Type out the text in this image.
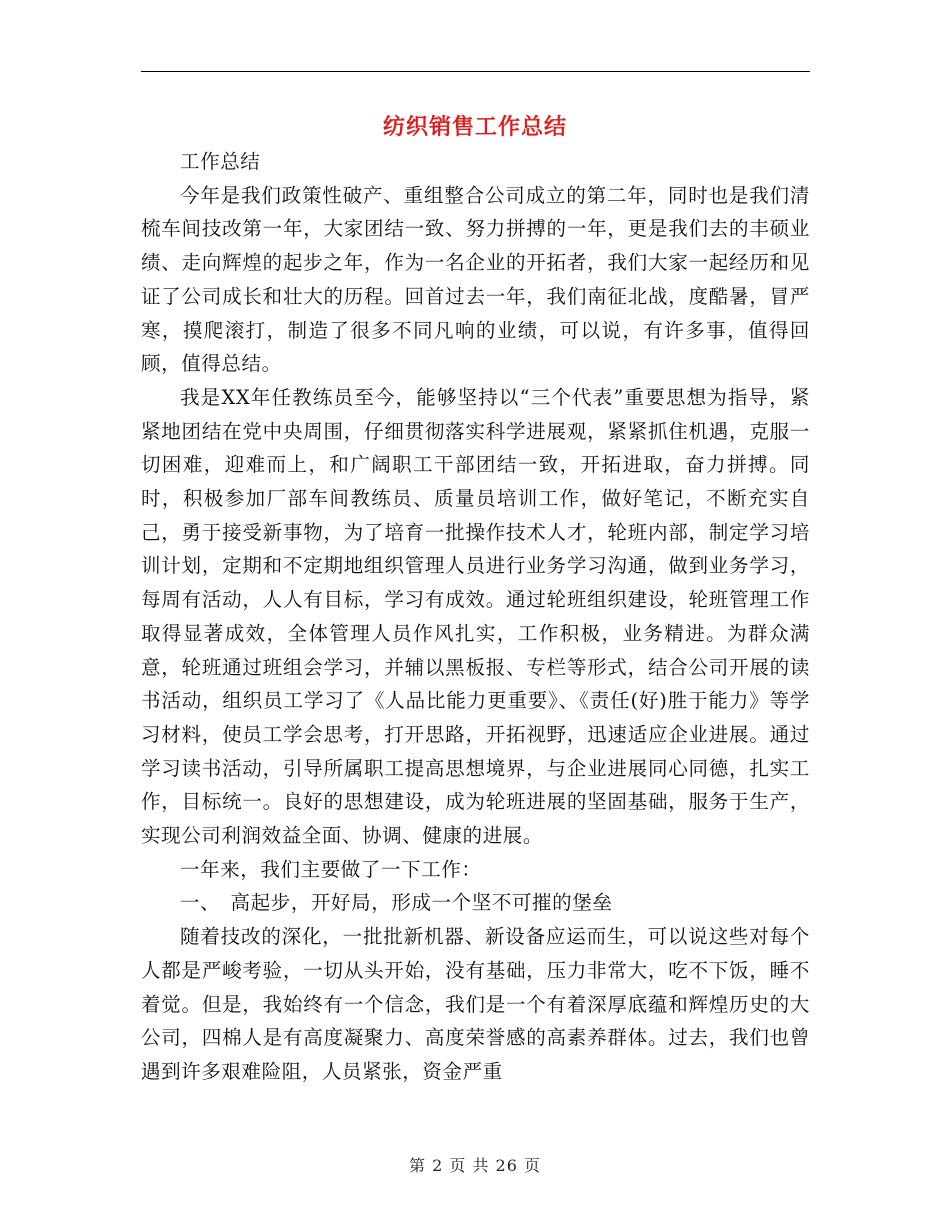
纺织销售工作总结

工作总结

今年是我们政策性破产、重组整合公司成立的第二年，同时也是我们清梳车间技改第一年，大家团结一致、努力拼搏的一年，更是我们去的丰硕业绩、走向辉煌的起步之年，作为一名企业的开拓者，我们大家一起经历和见证了公司成长和壮大的历程。回首过去一年，我们南征北战，度酷暑，冒严寒，摸爬滚打，制造了很多不同凡响的业绩，可以说，有许多事，值得回顾，值得总结。

我是XX年任教练员至今，能够坚持以“三个代表”重要思想为指导，紧紧地团结在党中央周围，仔细贯彻落实科学进展观，紧紧抓住机遇，克服一切困难，迎难而上，和广阔职工干部团结一致，开拓进取，奋力拼搏。同时，积极参加厂部车间教练员、质量员培训工作，做好笔记，不断充实自己，勇于接受新事物，为了培育一批操作技术人才，轮班内部，制定学习培训计划，定期和不定期地组织管理人员进行业务学习沟通，做到业务学习，每周有活动，人人有目标，学习有成效。通过轮班组织建设，轮班管理工作取得显著成效，全体管理人员作风扎实，工作积极，业务精进。为群众满意，轮班通过班组会学习，并辅以黑板报、专栏等形式，结合公司开展的读书活动，组织员工学习了《人品比能力更重要》、《责任(好)胜于能力》等学习材料，使员工学会思考，打开思路，开拓视野，迅速适应企业进展。通过学习读书活动，引导所属职工提高思想境界，与企业进展同心同德，扎实工作，目标统一。良好的思想建设，成为轮班进展的坚固基础，服务于生产，实现公司利润效益全面、协调、健康的进展。

一年来，我们主要做了一下工作：

一、　高起步，开好局，形成一个坚不可摧的堡垒

随着技改的深化，一批批新机器、新设备应运而生，可以说这些对每个人都是严峻考验，一切从头开始，没有基础，压力非常大，吃不下饭，睡不着觉。但是，我始终有一个信念，我们是一个有着深厚底蕴和辉煌历史的大公司，四棉人是有高度凝聚力、高度荣誉感的高素养群体。过去，我们也曾遇到许多艰难险阻，人员紧张，资金严重

第 2 页 共 26 页
